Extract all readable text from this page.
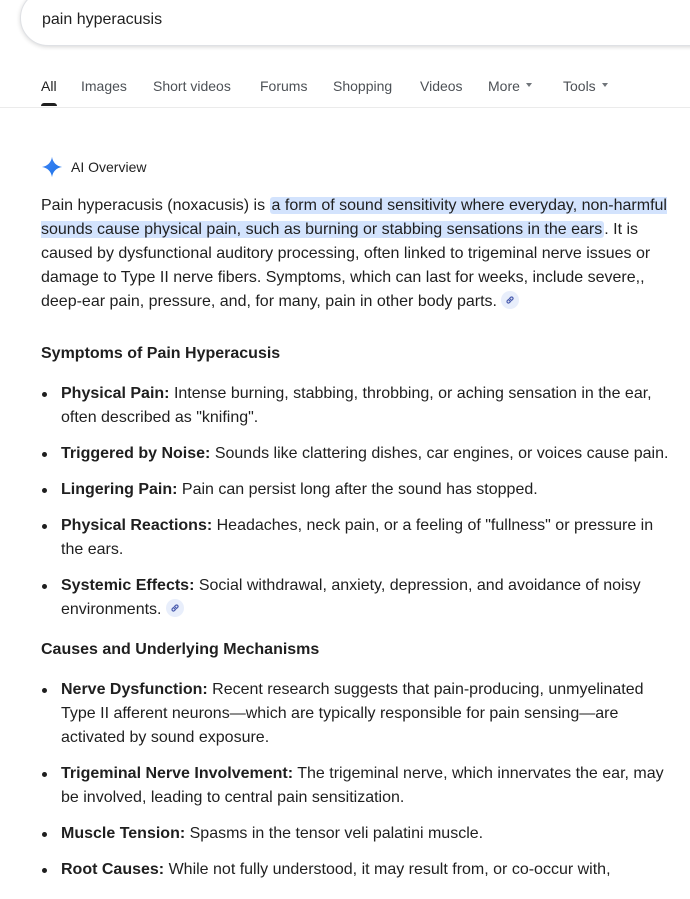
pain hyperacusis
All Images Short videos Forums Shopping Videos More	Tools
AI Overview

Pain hyperacusis (noxacusis) is a form of sound sensitivity where everyday, non-harmful sounds cause physical pain, such as burning or stabbing sensations in the ears . It is caused by dysfunctional auditory processing, often linked to trigeminal nerve issues or damage to Type II nerve fibers. Symptoms, which can last for weeks, include severe,, deep-ear pain, pressure, and, for many, pain in other body parts.

Symptoms of Pain Hyperacusis

Physical Pain: Intense burning, stabbing, throbbing, or aching sensation in the ear, often described as "knifing".
Triggered by Noise: Sounds like clattering dishes, car engines, or voices cause pain.
Lingering Pain: Pain can persist long after the sound has stopped.
Physical Reactions: Headaches, neck pain, or a feeling of "fullness" or pressure in the ears.
Systemic Effects: Social withdrawal, anxiety, depression, and avoidance of noisy environments.

Causes and Underlying Mechanisms

Nerve Dysfunction: Recent research suggests that pain-producing, unmyelinated Type II afferent neurons—which are typically responsible for pain sensing—are activated by sound exposure.
Trigeminal Nerve Involvement: The trigeminal nerve, which innervates the ear, may be involved, leading to central pain sensitization.
Muscle Tension: Spasms in the tensor veli palatini muscle.
Root Causes: While not fully understood, it may result from, or co-occur with,
